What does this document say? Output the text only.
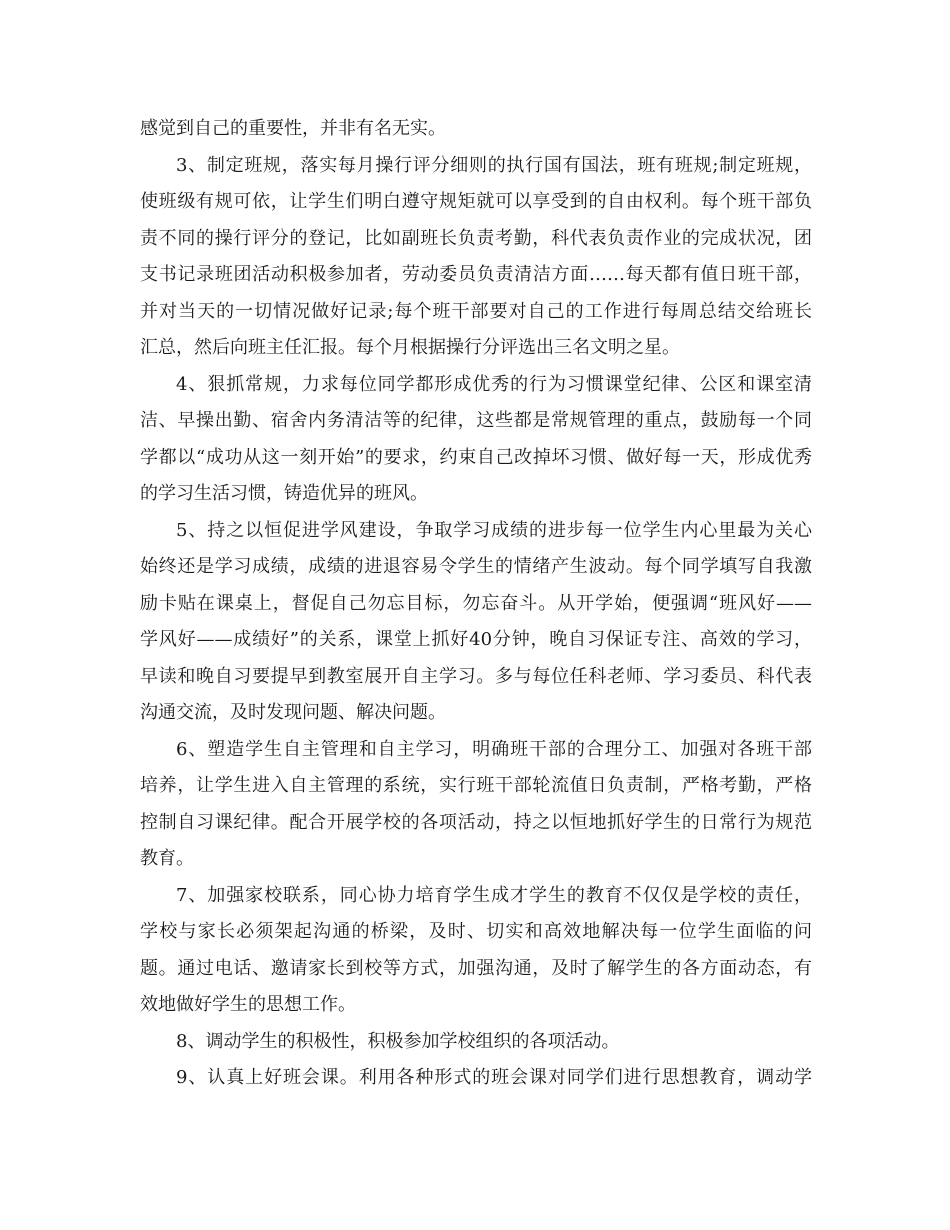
感觉到自己的重要性，并非有名无实。
3、制定班规，落实每月操行评分细则的执行国有国法，班有班规;制定班规，
使班级有规可依，让学生们明白遵守规矩就可以享受到的自由权利。每个班干部负
责不同的操行评分的登记，比如副班长负责考勤，科代表负责作业的完成状况，团
支书记录班团活动积极参加者，劳动委员负责清洁方面……每天都有值日班干部，
并对当天的一切情况做好记录;每个班干部要对自己的工作进行每周总结交给班长
汇总，然后向班主任汇报。每个月根据操行分评选出三名文明之星。
4、狠抓常规，力求每位同学都形成优秀的行为习惯课堂纪律、公区和课室清
洁、早操出勤、宿舍内务清洁等的纪律，这些都是常规管理的重点，鼓励每一个同
学都以“成功从这一刻开始”的要求，约束自己改掉坏习惯、做好每一天，形成优秀
的学习生活习惯，铸造优异的班风。
5、持之以恒促进学风建设，争取学习成绩的进步每一位学生内心里最为关心
始终还是学习成绩，成绩的进退容易令学生的情绪产生波动。每个同学填写自我激
励卡贴在课桌上，督促自己勿忘目标，勿忘奋斗。从开学始，便强调“班风好——
学风好——成绩好”的关系，课堂上抓好40分钟，晚自习保证专注、高效的学习，
早读和晚自习要提早到教室展开自主学习。多与每位任科老师、学习委员、科代表
沟通交流，及时发现问题、解决问题。
6、塑造学生自主管理和自主学习，明确班干部的合理分工、加强对各班干部
培养，让学生进入自主管理的系统，实行班干部轮流值日负责制，严格考勤，严格
控制自习课纪律。配合开展学校的各项活动，持之以恒地抓好学生的日常行为规范
教育。
7、加强家校联系，同心协力培育学生成才学生的教育不仅仅是学校的责任，
学校与家长必须架起沟通的桥梁，及时、切实和高效地解决每一位学生面临的问
题。通过电话、邀请家长到校等方式，加强沟通，及时了解学生的各方面动态，有
效地做好学生的思想工作。
8、调动学生的积极性，积极参加学校组织的各项活动。
9、认真上好班会课。利用各种形式的班会课对同学们进行思想教育，调动学
